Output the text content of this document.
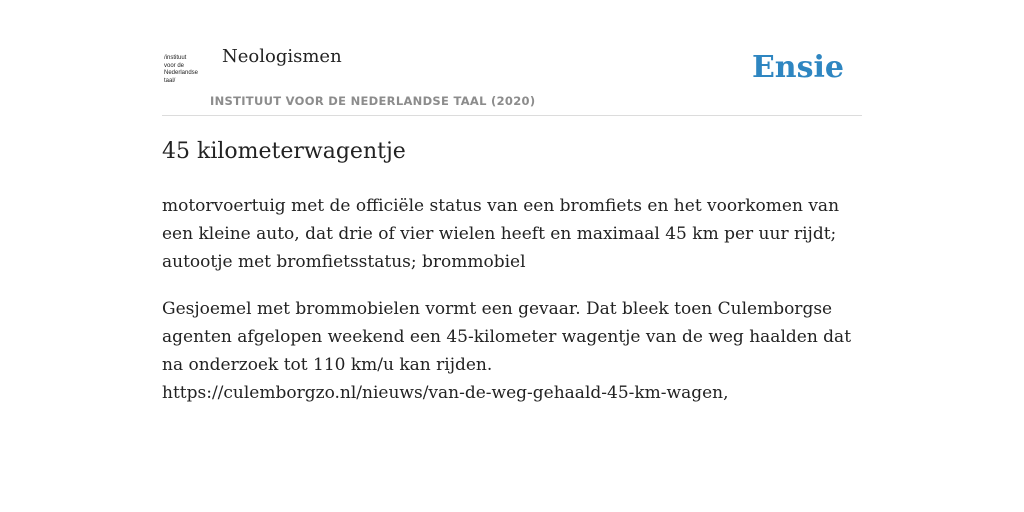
/instituut
voor de
Nederlandse
taal/
Neologismen
INSTITUUT VOOR DE NEDERLANDSE TAAL (2020)
Ensie
45 kilometerwagentje
motorvoertuig met de officiële status van een bromfiets en het voorkomen van een kleine auto, dat drie of vier wielen heeft en maximaal 45 km per uur rijdt; autootje met bromfietsstatus; brommobiel
Gesjoemel met brommobielen vormt een gevaar. Dat bleek toen Culemborgse agenten afgelopen weekend een 45-kilometer wagentje van de weg haalden dat na onderzoek tot 110 km/u kan rijden.
https://culemborgzo.nl/nieuws/van-de-weg-gehaald-45-km-wagen,
